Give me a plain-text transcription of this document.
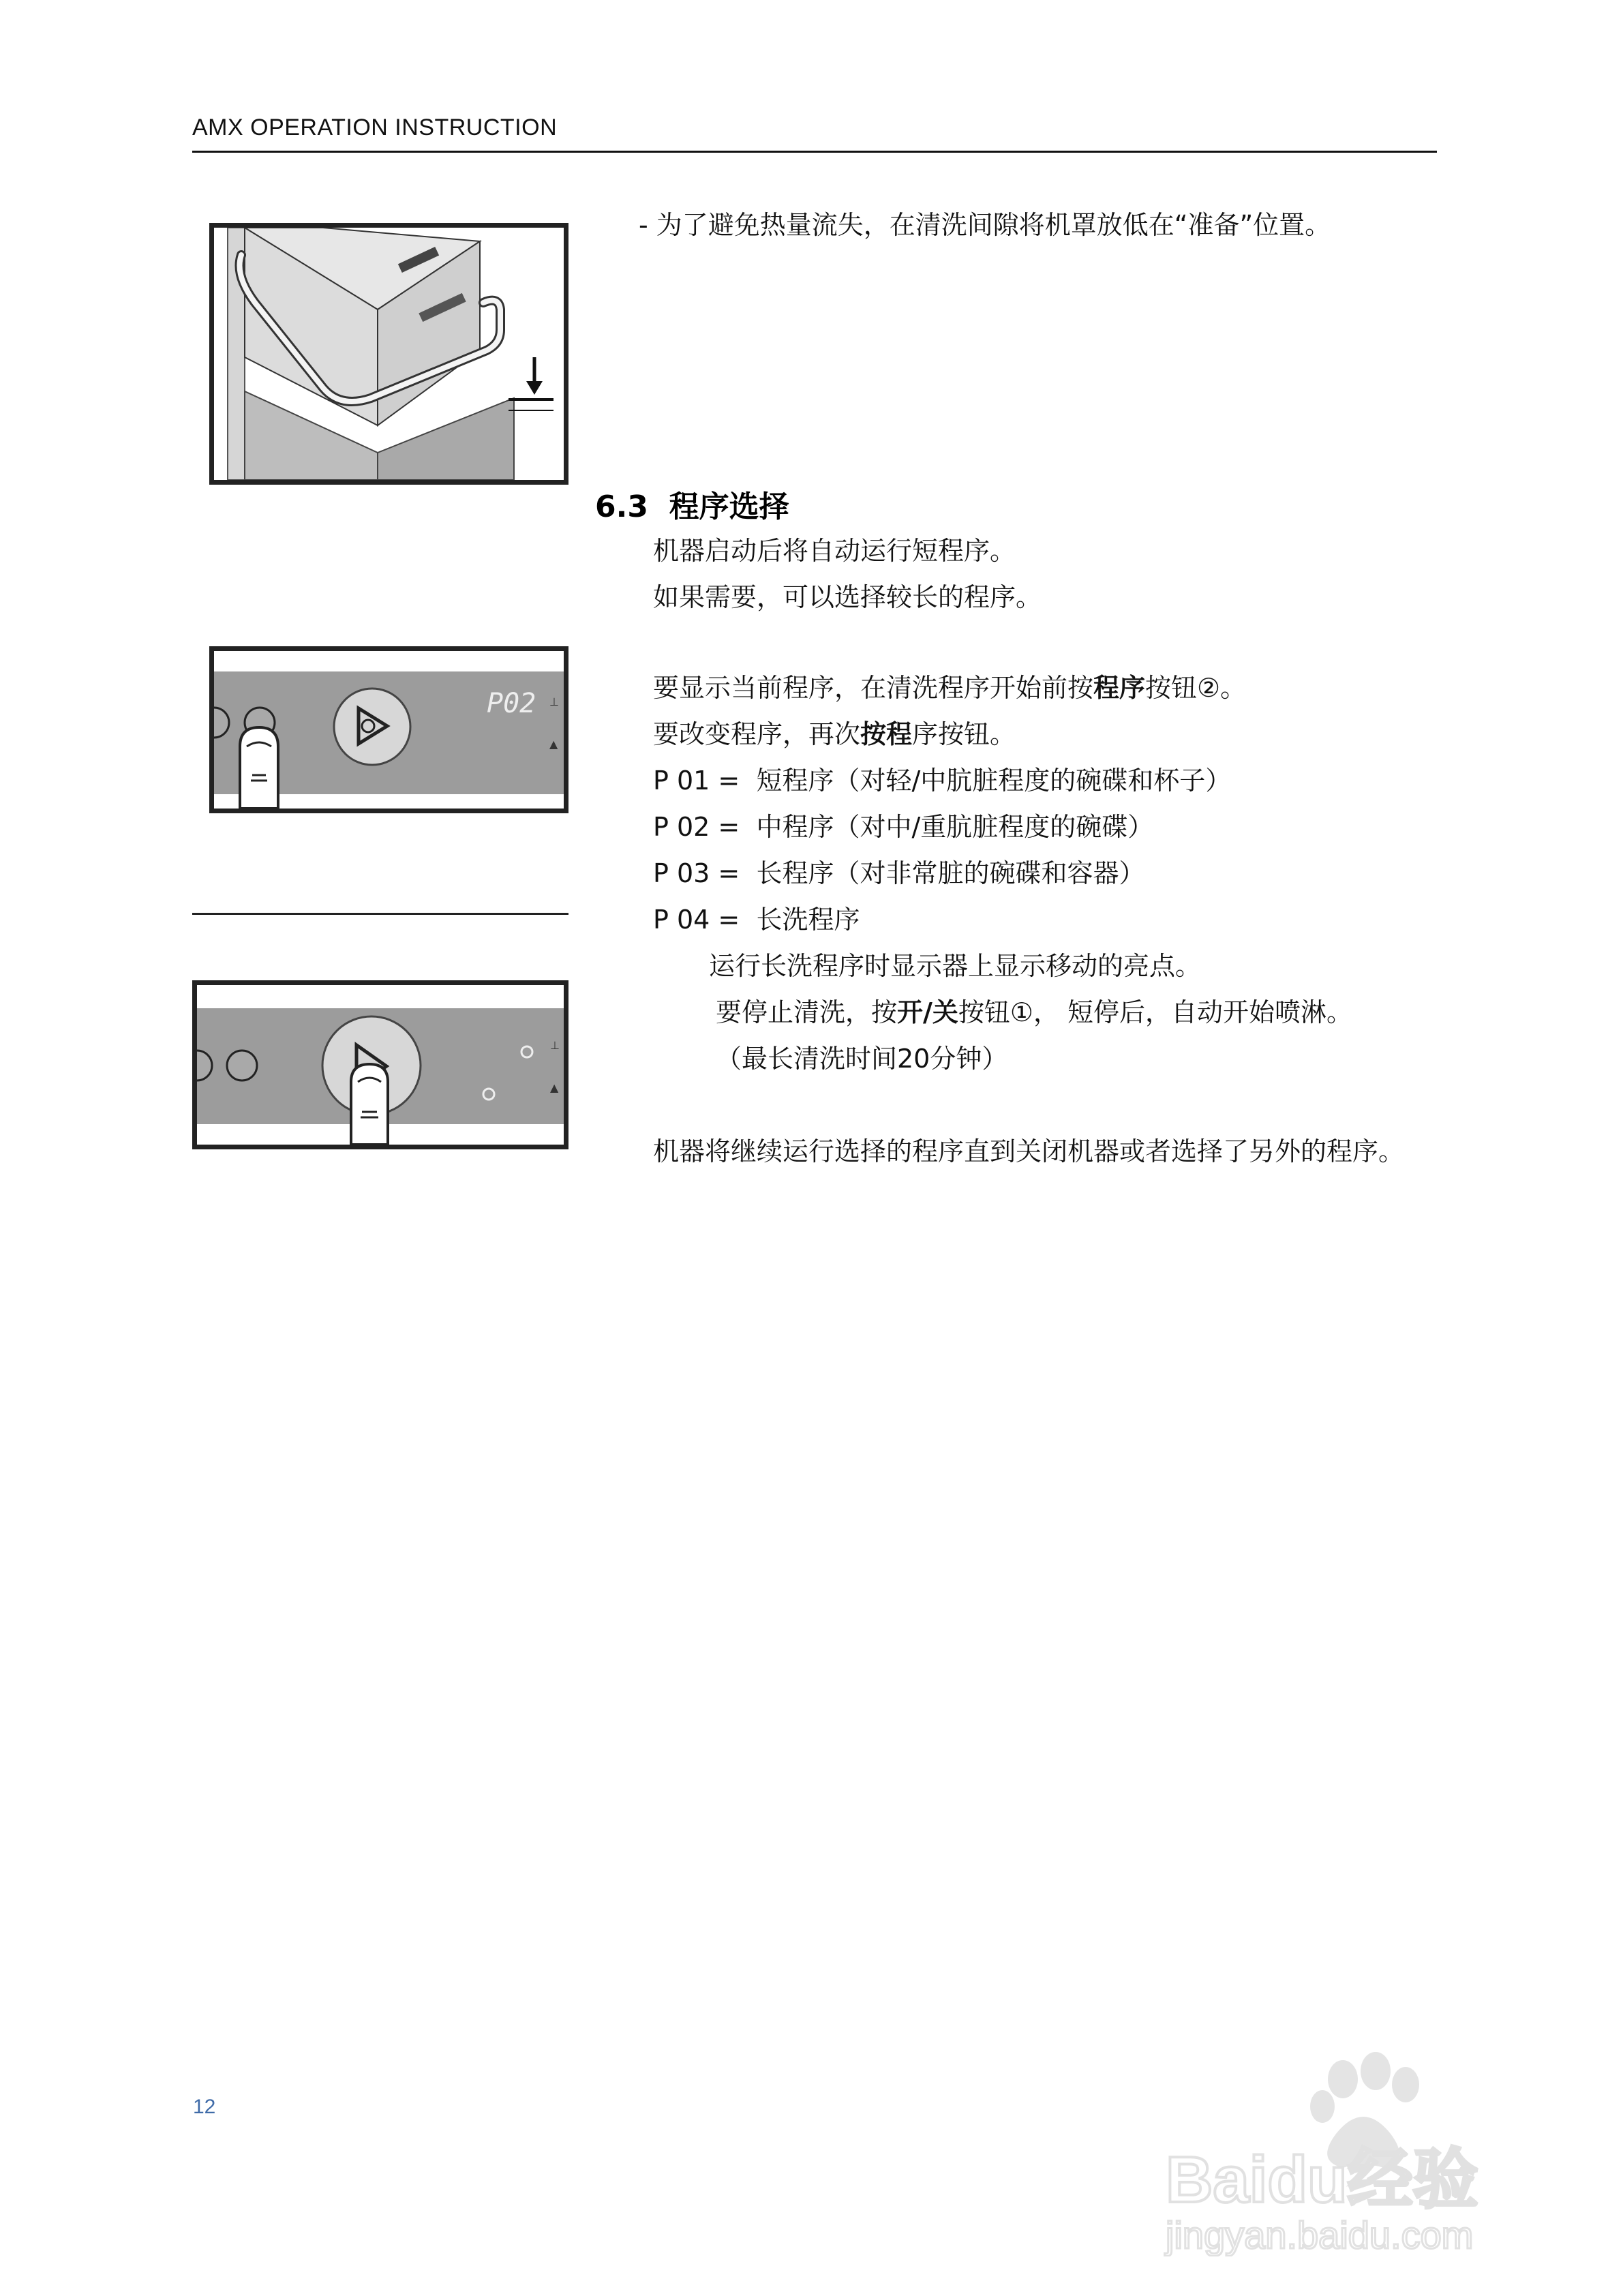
AMX OPERATION INSTRUCTION
- 为了避免热量流失，在清洗间隙将机罩放低在“准备”位置。
6.3 程序选择
机器启动后将自动运行短程序。
如果需要，可以选择较长的程序。
P02 ⊥
▲
要显示当前程序，在清洗程序开始前按程序按钮②。
要改变程序，再次按程序按钮。
P 01 = 短程序（对轻/中肮脏程度的碗碟和杯子）
P 02 = 中程序（对中/重肮脏程度的碗碟）
P 03 = 长程序（对非常脏的碗碟和容器）
P 04 = 长洗程序
运行长洗程序时显示器上显示移动的亮点。
要停止清洗，按开/关按钮①， 短停后，自动开始喷淋。
（最长清洗时间20分钟）
⊥
▲
机器将继续运行选择的程序直到关闭机器或者选择了另外的程序。
12
Baidu经验
jingyan.baidu.com
